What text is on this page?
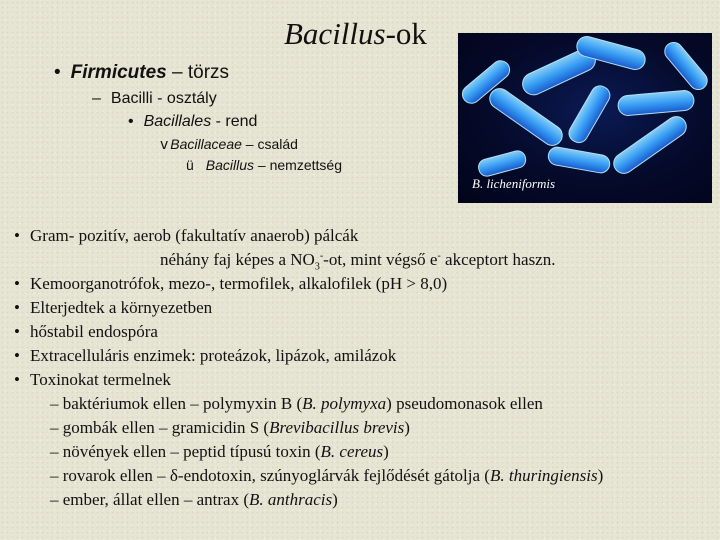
Bacillus-ok
• Firmicutes – törzs
– Bacilli - osztály
• Bacillales - rend
v Bacillaceae – család
ü Bacillus – nemzettség
B. licheniformis
• Gram- pozitív, aerob (fakultatív anaerob) pálcák
néhány faj képes a $NO_3^--ot$, mint végső e- akceptort haszn.
• Kemoorganotrófok, mezo-, termofilek, alkalofilek (pH > 8,0)
• Elterjedtek a környezetben
• hőstabil endospóra
• Extracelluláris enzimek: proteázok, lipázok, amilázok
• Toxinokat termelnek
– baktériumok ellen – polymyxin B (B. polymyxa) pseudomonasok ellen
– gombák ellen – gramicidin S (Brevibacillus brevis)
– növények ellen – peptid típusú toxin (B. cereus)
– rovarok ellen – δ-endotoxin, szúnyoglárvák fejlődését gátolja (B. thuringiensis)
– ember, állat ellen – antrax (B. anthracis)
